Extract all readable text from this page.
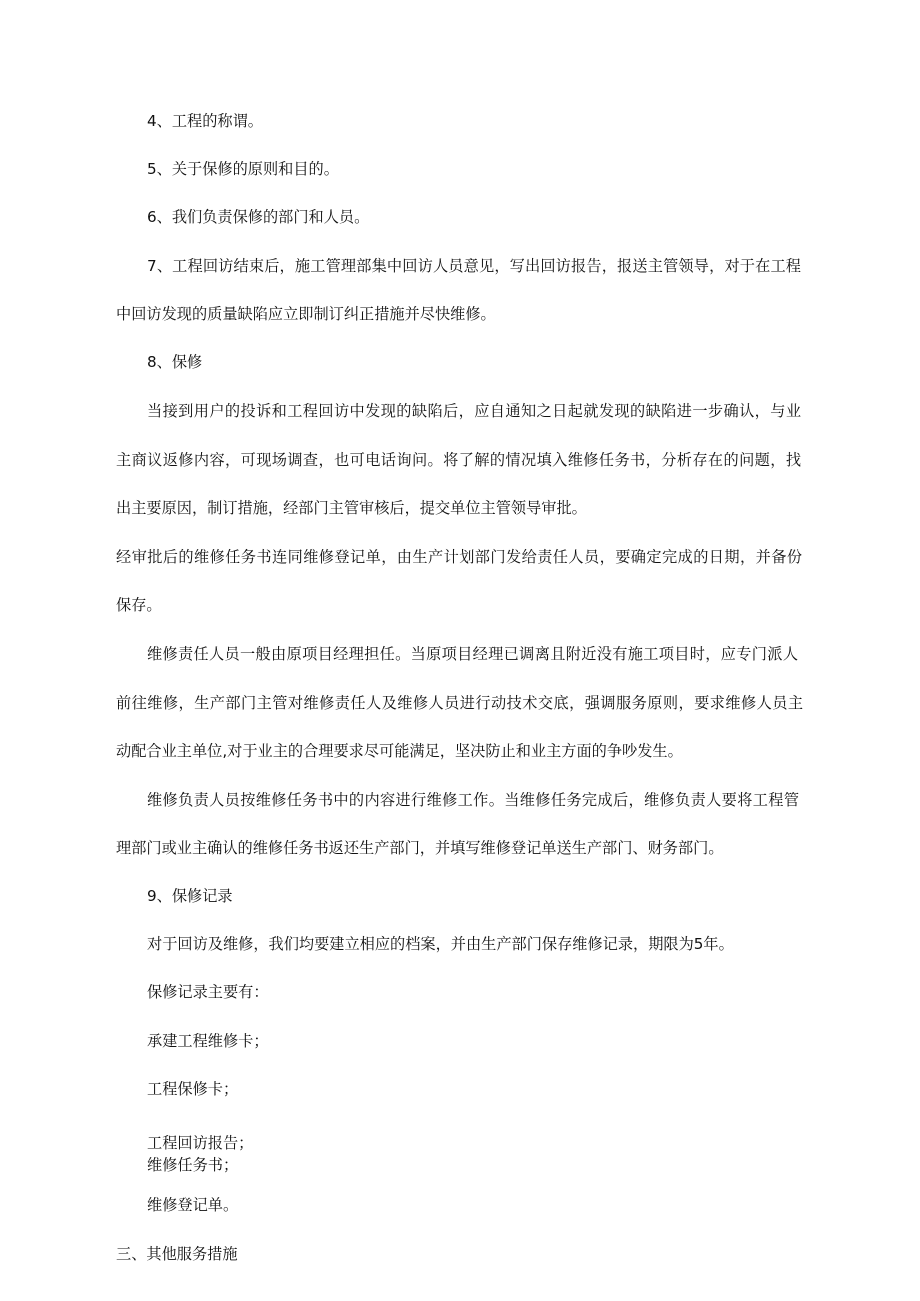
4、工程的称谓。
5、关于保修的原则和目的。
6、我们负责保修的部门和人员。
7、工程回访结束后，施工管理部集中回访人员意见，写出回访报告，报送主管领导，对于在工程
中回访发现的质量缺陷应立即制订纠正措施并尽快维修。
8、保修
当接到用户的投诉和工程回访中发现的缺陷后，应自通知之日起就发现的缺陷进一步确认，与业
主商议返修内容，可现场调查，也可电话询问。将了解的情况填入维修任务书，分析存在的问题，找
出主要原因，制订措施，经部门主管审核后，提交单位主管领导审批。
经审批后的维修任务书连同维修登记单，由生产计划部门发给责任人员，要确定完成的日期，并备份
保存。
维修责任人员一般由原项目经理担任。当原项目经理已调离且附近没有施工项目时，应专门派人
前往维修，生产部门主管对维修责任人及维修人员进行动技术交底，强调服务原则，要求维修人员主
动配合业主单位,对于业主的合理要求尽可能满足，坚决防止和业主方面的争吵发生。
维修负责人员按维修任务书中的内容进行维修工作。当维修任务完成后，维修负责人要将工程管
理部门或业主确认的维修任务书返还生产部门，并填写维修登记单送生产部门、财务部门。
9、保修记录
对于回访及维修，我们均要建立相应的档案，并由生产部门保存维修记录，期限为5年。
保修记录主要有：
承建工程维修卡；
工程保修卡；
工程回访报告；
维修任务书；
维修登记单。
三、其他服务措施
